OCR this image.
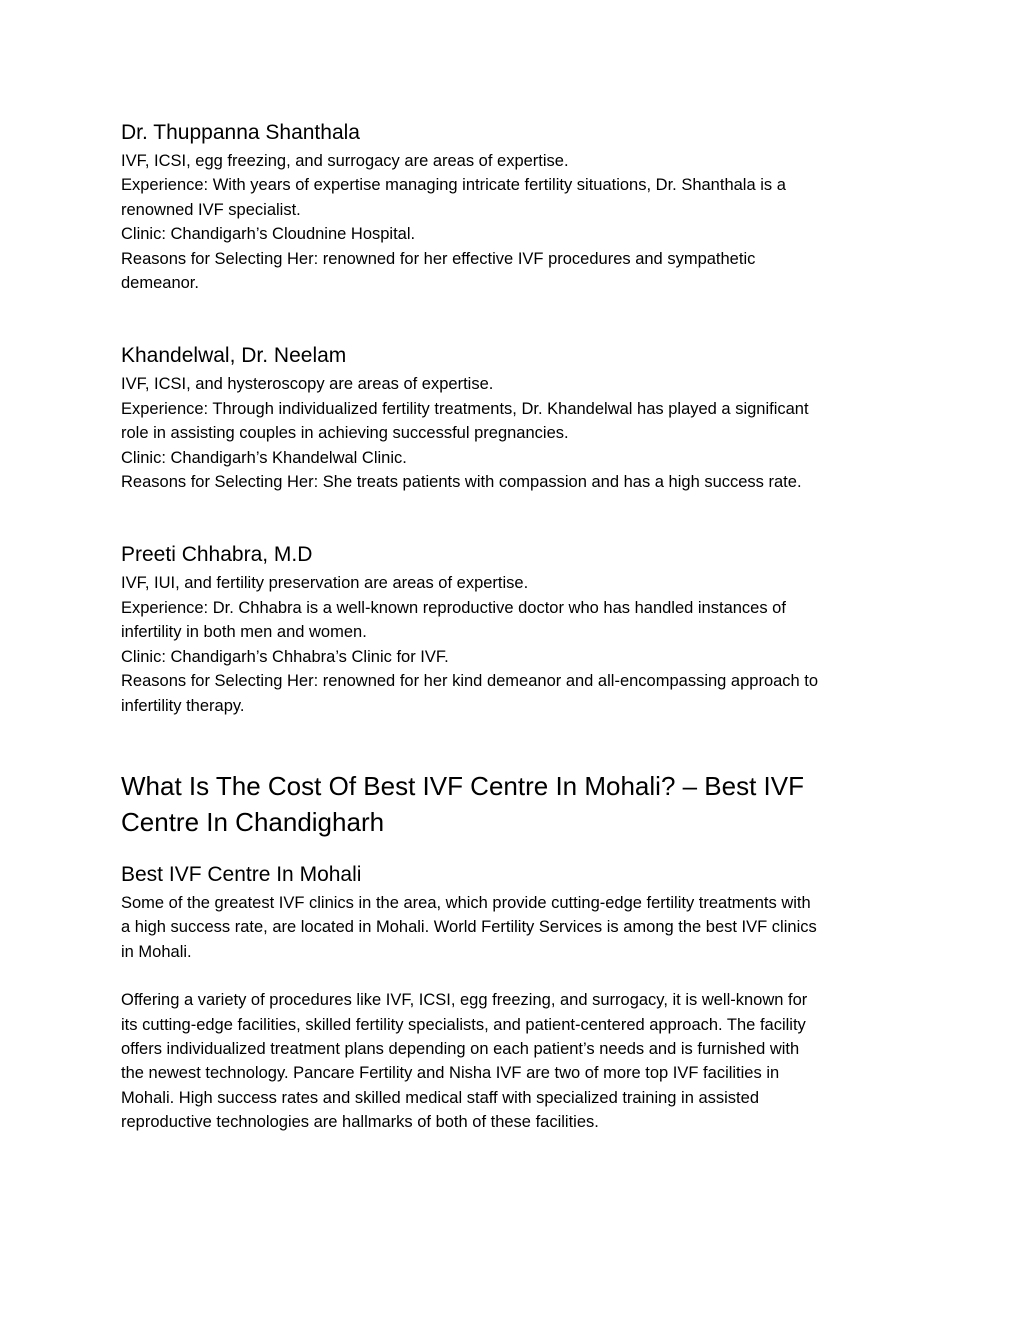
Dr. Thuppanna Shanthala

IVF, ICSI, egg freezing, and surrogacy are areas of expertise.

Experience: With years of expertise managing intricate fertility situations, Dr. Shanthala is a

renowned IVF specialist.

Clinic: Chandigarh’s Cloudnine Hospital.

Reasons for Selecting Her: renowned for her effective IVF procedures and sympathetic

demeanor.

Khandelwal, Dr. Neelam

IVF, ICSI, and hysteroscopy are areas of expertise.

Experience: Through individualized fertility treatments, Dr. Khandelwal has played a significant

role in assisting couples in achieving successful pregnancies.

Clinic: Chandigarh’s Khandelwal Clinic.

Reasons for Selecting Her: She treats patients with compassion and has a high success rate.

Preeti Chhabra, M.D

IVF, IUI, and fertility preservation are areas of expertise.

Experience: Dr. Chhabra is a well-known reproductive doctor who has handled instances of

infertility in both men and women.

Clinic: Chandigarh’s Chhabra’s Clinic for IVF.

Reasons for Selecting Her: renowned for her kind demeanor and all-encompassing approach to

infertility therapy.

What Is The Cost Of Best IVF Centre In Mohali? – Best IVF
Centre In Chandigharh
Best IVF Centre In Mohali

Some of the greatest IVF clinics in the area, which provide cutting-edge fertility treatments with

a high success rate, are located in Mohali. World Fertility Services is among the best IVF clinics

in Mohali.

Offering a variety of procedures like IVF, ICSI, egg freezing, and surrogacy, it is well-known for

its cutting-edge facilities, skilled fertility specialists, and patient-centered approach. The facility

offers individualized treatment plans depending on each patient’s needs and is furnished with

the newest technology. Pancare Fertility and Nisha IVF are two of more top IVF facilities in

Mohali. High success rates and skilled medical staff with specialized training in assisted

reproductive technologies are hallmarks of both of these facilities.
